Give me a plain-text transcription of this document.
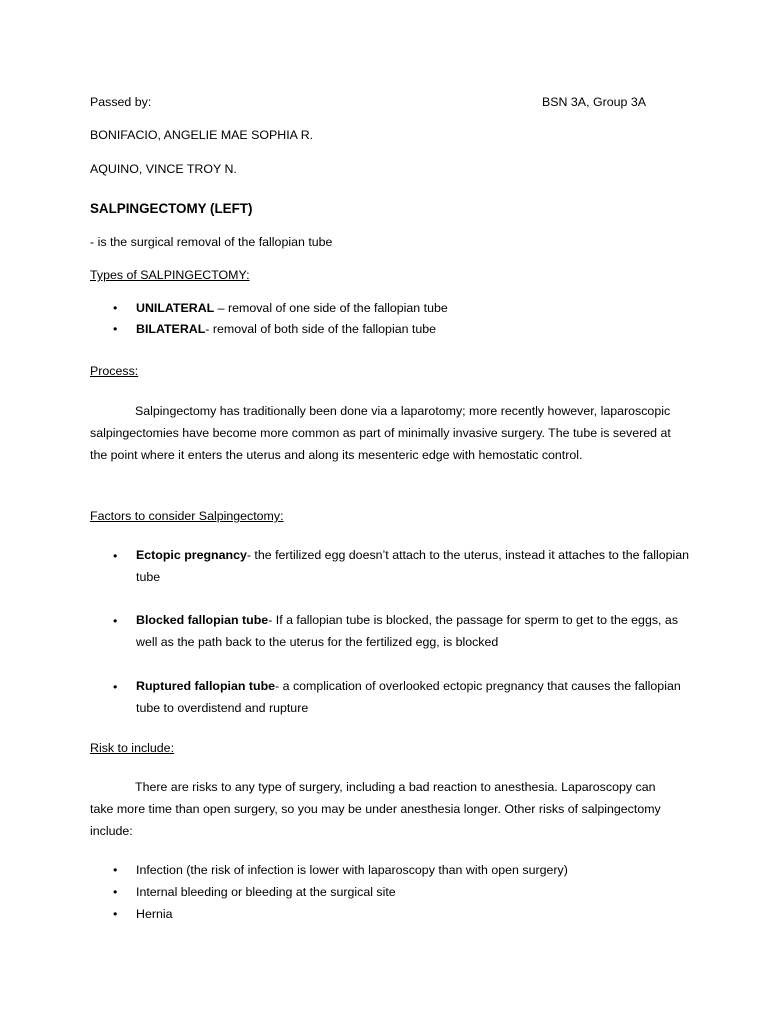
Passed by:	BSN 3A, Group 3A
BONIFACIO, ANGELIE MAE SOPHIA R.
AQUINO, VINCE TROY N.
SALPINGECTOMY (LEFT)
- is the surgical removal of the fallopian tube
Types of SALPINGECTOMY:
• UNILATERAL – removal of one side of the fallopian tube
• BILATERAL- removal of both side of the fallopian tube
Process:
Salpingectomy has traditionally been done via a laparotomy; more recently however, laparoscopic salpingectomies have become more common as part of minimally invasive surgery. The tube is severed at the point where it enters the uterus and along its mesenteric edge with hemostatic control.
Factors to consider Salpingectomy:
• Ectopic pregnancy- the fertilized egg doesn’t attach to the uterus, instead it attaches to the fallopian tube
• Blocked fallopian tube- If a fallopian tube is blocked, the passage for sperm to get to the eggs, as well as the path back to the uterus for the fertilized egg, is blocked
• Ruptured fallopian tube- a complication of overlooked ectopic pregnancy that causes the fallopian tube to overdistend and rupture
Risk to include:
There are risks to any type of surgery, including a bad reaction to anesthesia. Laparoscopy can take more time than open surgery, so you may be under anesthesia longer. Other risks of salpingectomy include:
• Infection (the risk of infection is lower with laparoscopy than with open surgery)
• Internal bleeding or bleeding at the surgical site
• Hernia
